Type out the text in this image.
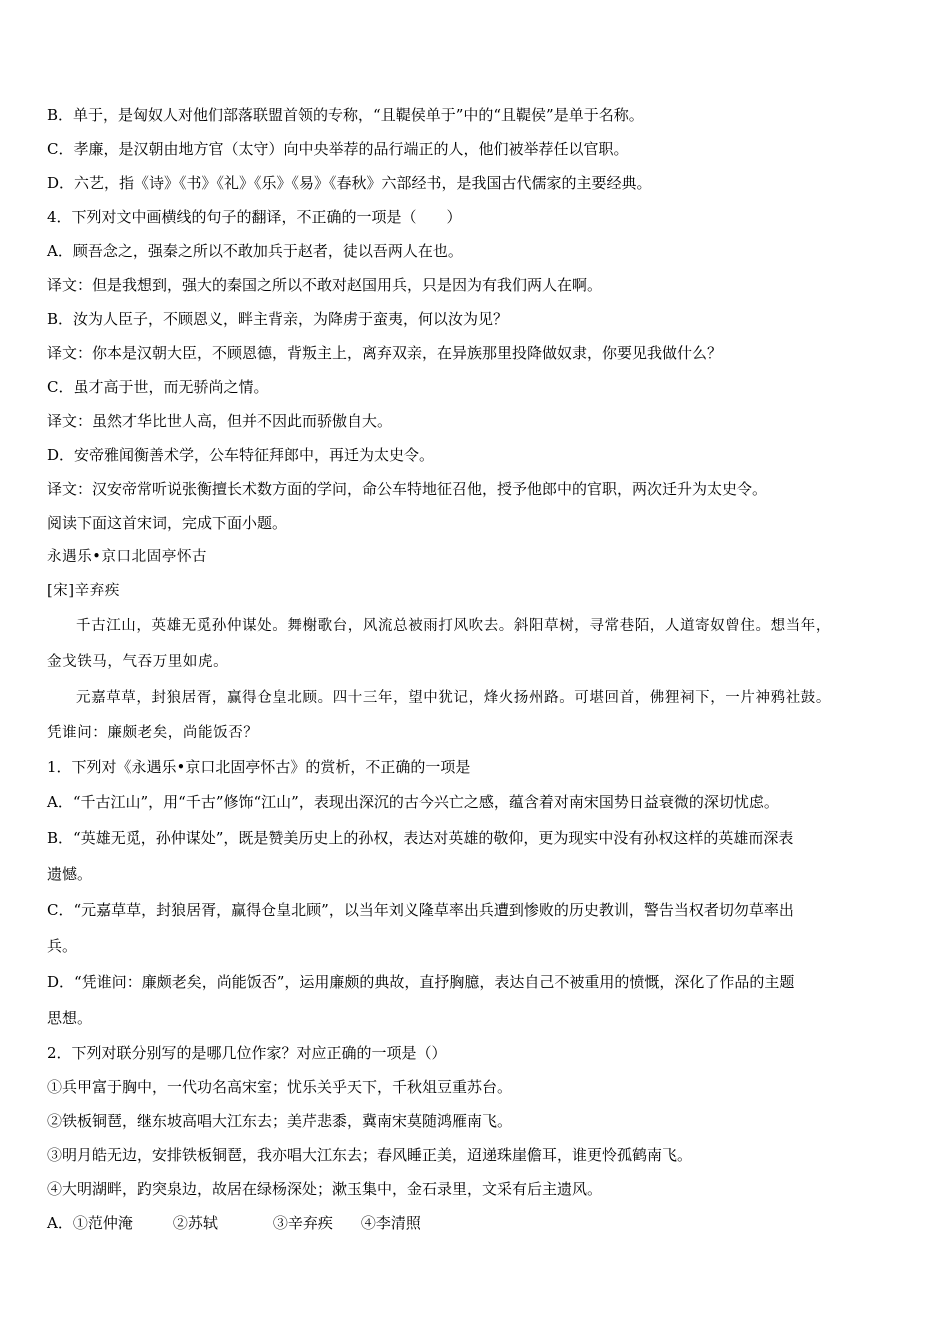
B．单于，是匈奴人对他们部落联盟首领的专称，“且鞮侯单于”中的“且鞮侯”是单于名称。
C．孝廉，是汉朝由地方官（太守）向中央举荐的品行端正的人，他们被举荐任以官职。
D．六艺，指《诗》《书》《礼》《乐》《易》《春秋》六部经书，是我国古代儒家的主要经典。
4．下列对文中画横线的句子的翻译，不正确的一项是（　　）
A．顾吾念之，强秦之所以不敢加兵于赵者，徒以吾两人在也。
译文：但是我想到，强大的秦国之所以不敢对赵国用兵，只是因为有我们两人在啊。
B．汝为人臣子，不顾恩义，畔主背亲，为降虏于蛮夷，何以汝为见？
译文：你本是汉朝大臣，不顾恩德，背叛主上，离弃双亲，在异族那里投降做奴隶，你要见我做什么？
C．虽才高于世，而无骄尚之情。
译文：虽然才华比世人高，但并不因此而骄傲自大。
D．安帝雅闻衡善术学，公车特征拜郎中，再迁为太史令。
译文：汉安帝常听说张衡擅长术数方面的学问，命公车特地征召他，授予他郎中的官职，两次迁升为太史令。
阅读下面这首宋词，完成下面小题。
永遇乐•京口北固亭怀古
[宋]辛弃疾
千古江山，英雄无觅孙仲谋处。舞榭歌台，风流总被雨打风吹去。斜阳草树，寻常巷陌，人道寄奴曾住。想当年，
金戈铁马，气吞万里如虎。
元嘉草草，封狼居胥，赢得仓皇北顾。四十三年，望中犹记，烽火扬州路。可堪回首，佛狸祠下，一片神鸦社鼓。
凭谁问：廉颇老矣，尚能饭否？
1．下列对《永遇乐•京口北固亭怀古》的赏析，不正确的一项是
A．“千古江山”，用“千古”修饰“江山”，表现出深沉的古今兴亡之感，蕴含着对南宋国势日益衰微的深切忧虑。
B．“英雄无觅，孙仲谋处”，既是赞美历史上的孙权，表达对英雄的敬仰，更为现实中没有孙权这样的英雄而深表
遗憾。
C．“元嘉草草，封狼居胥，赢得仓皇北顾”，以当年刘义隆草率出兵遭到惨败的历史教训，警告当权者切勿草率出
兵。
D．“凭谁问：廉颇老矣，尚能饭否”，运用廉颇的典故，直抒胸臆，表达自己不被重用的愤慨，深化了作品的主题
思想。
2．下列对联分别写的是哪几位作家？对应正确的一项是（）
①兵甲富于胸中，一代功名高宋室；忧乐关乎天下，千秋俎豆重苏台。
②铁板铜琶，继东坡高唱大江东去；美芹悲黍，冀南宋莫随鸿雁南飞。
③明月皓无边，安排铁板铜琶，我亦唱大江东去；春风睡正美，迢递珠崖儋耳，谁更怜孤鹤南飞。
④大明湖畔，趵突泉边，故居在绿杨深处；漱玉集中，金石录里，文采有后主遗风。
A．①范仲淹	②苏轼	③辛弃疾 ④李清照
